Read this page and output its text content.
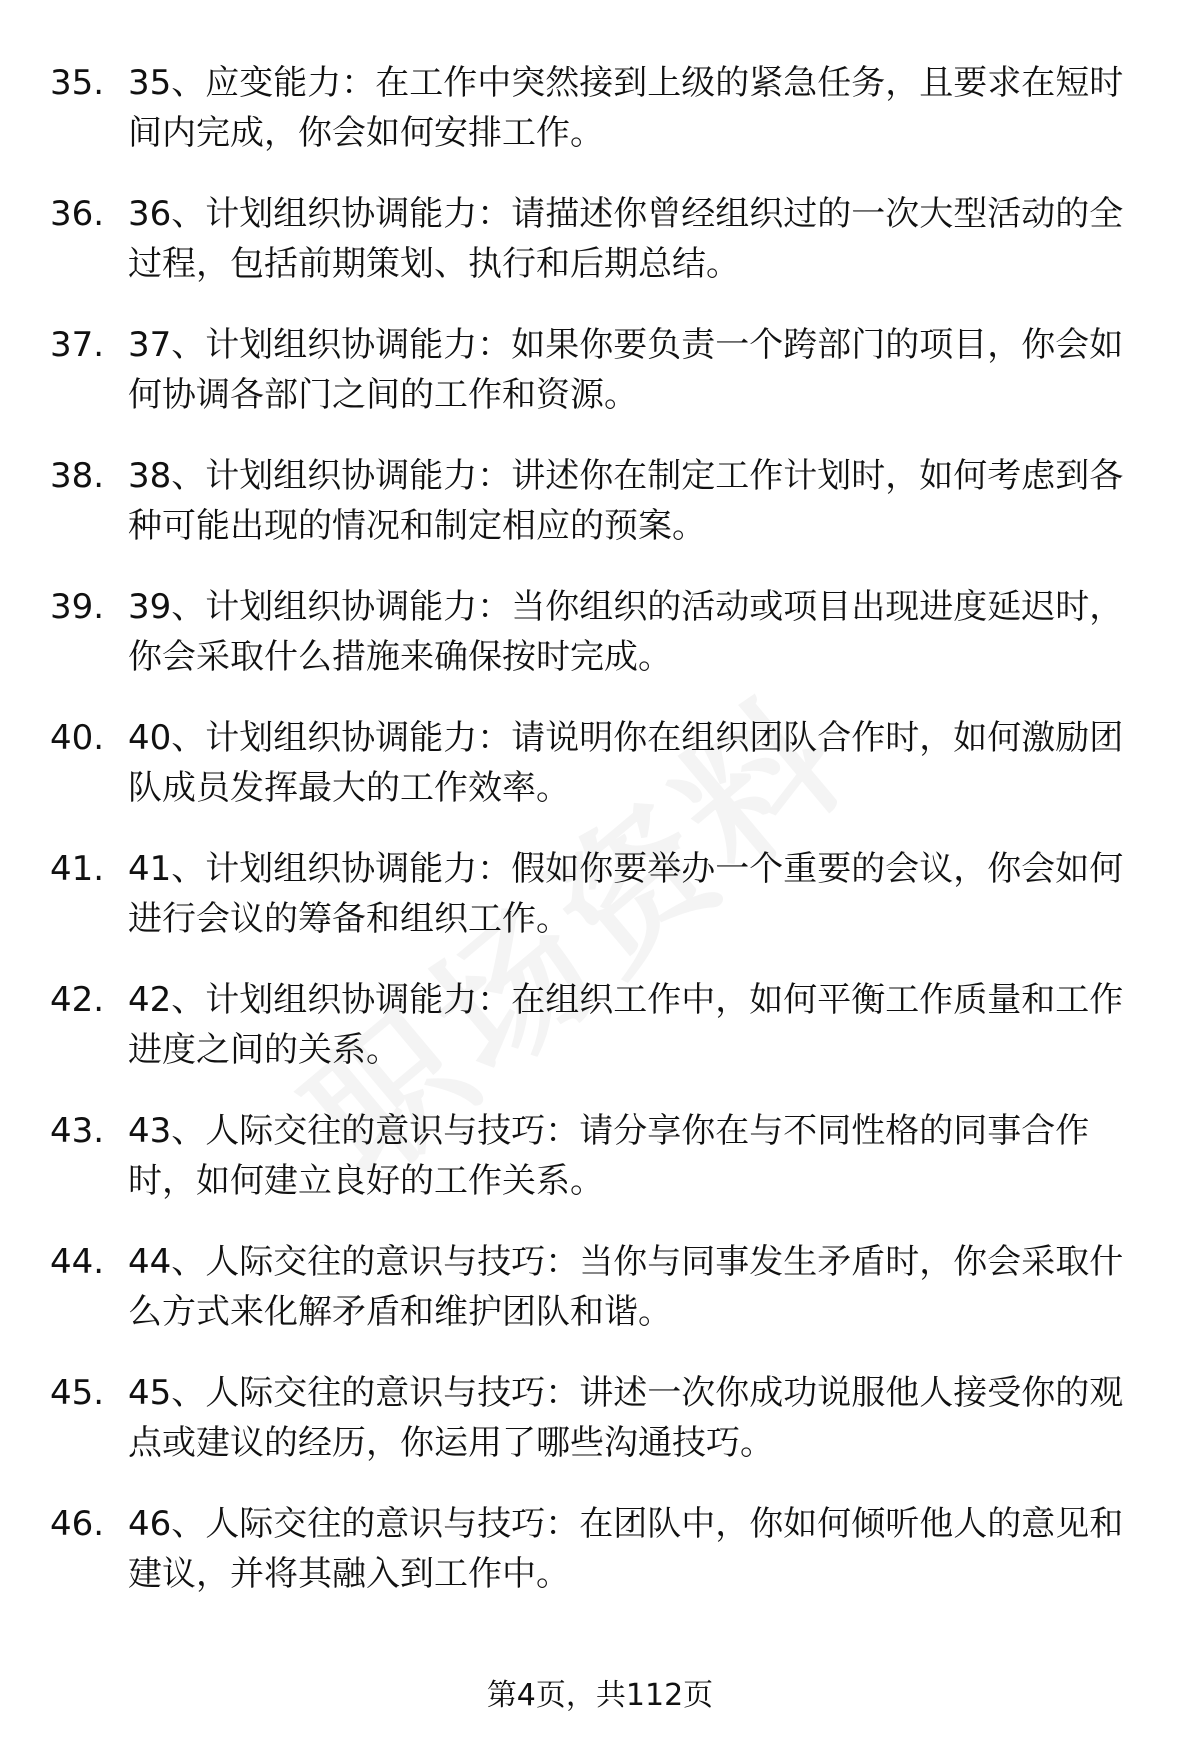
35. 35、应变能力：在工作中突然接到上级的紧急任务，且要求在短时间内完成，你会如何安排工作。

36. 36、计划组织协调能力：请描述你曾经组织过的一次大型活动的全过程，包括前期策划、执行和后期总结。

37. 37、计划组织协调能力：如果你要负责一个跨部门的项目，你会如何协调各部门之间的工作和资源。

38. 38、计划组织协调能力：讲述你在制定工作计划时，如何考虑到各种可能出现的情况和制定相应的预案。

39. 39、计划组织协调能力：当你组织的活动或项目出现进度延迟时，你会采取什么措施来确保按时完成。

40. 40、计划组织协调能力：请说明你在组织团队合作时，如何激励团队成员发挥最大的工作效率。

41. 41、计划组织协调能力：假如你要举办一个重要的会议，你会如何进行会议的筹备和组织工作。

42. 42、计划组织协调能力：在组织工作中，如何平衡工作质量和工作进度之间的关系。

43. 43、人际交往的意识与技巧：请分享你在与不同性格的同事合作时，如何建立良好的工作关系。

44. 44、人际交往的意识与技巧：当你与同事发生矛盾时，你会采取什么方式来化解矛盾和维护团队和谐。

45. 45、人际交往的意识与技巧：讲述一次你成功说服他人接受你的观点或建议的经历，你运用了哪些沟通技巧。

46. 46、人际交往的意识与技巧：在团队中，你如何倾听他人的意见和建议，并将其融入到工作中。

第4页，共112页
